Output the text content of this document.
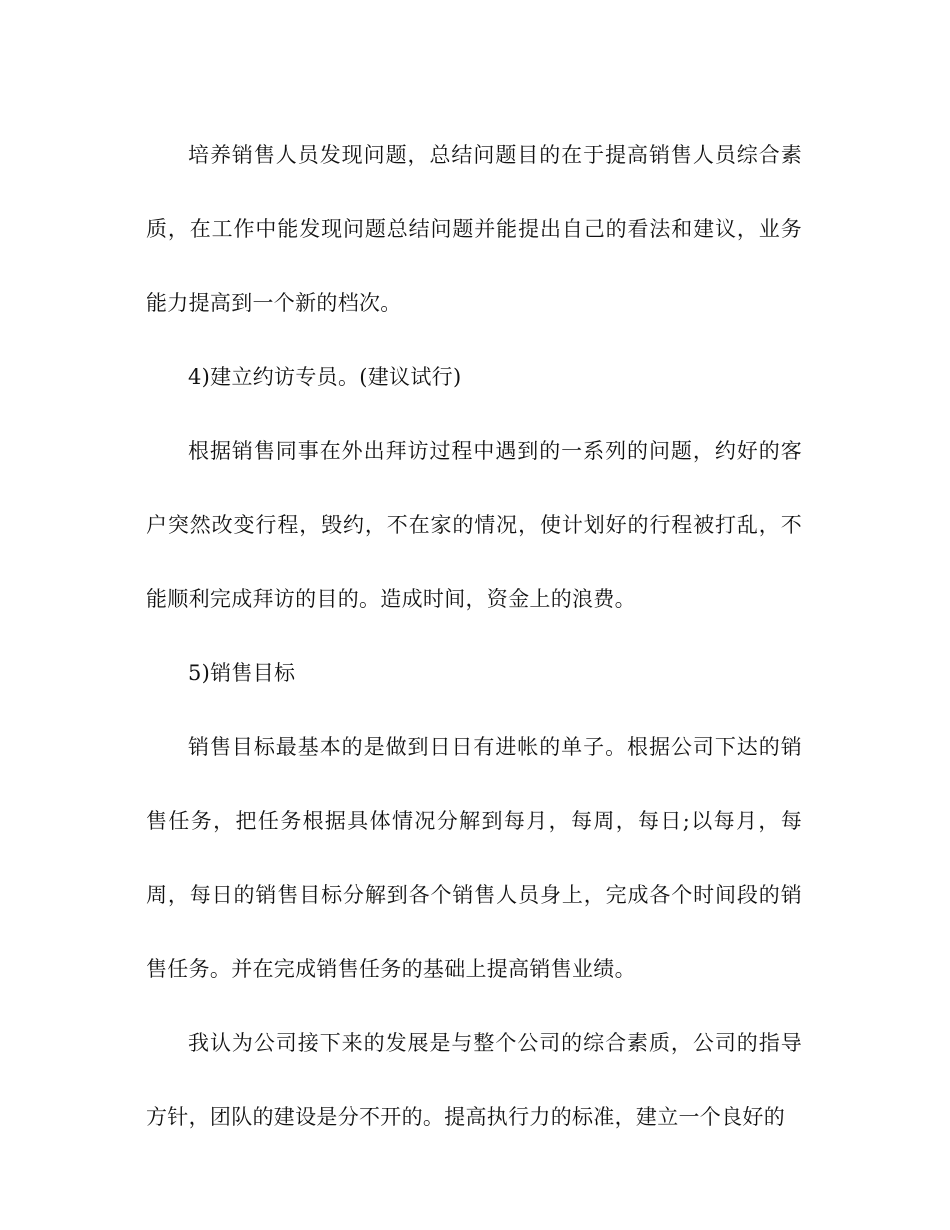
培养销售人员发现问题，总结问题目的在于提高销售人员综合素质，在工作中能发现问题总结问题并能提出自己的看法和建议，业务能力提高到一个新的档次。

4)建立约访专员。(建议试行)

根据销售同事在外出拜访过程中遇到的一系列的问题，约好的客户突然改变行程，毁约，不在家的情况，使计划好的行程被打乱，不能顺利完成拜访的目的。造成时间，资金上的浪费。

5)销售目标

销售目标最基本的是做到日日有进帐的单子。根据公司下达的销售任务，把任务根据具体情况分解到每月，每周，每日;以每月，每周，每日的销售目标分解到各个销售人员身上，完成各个时间段的销售任务。并在完成销售任务的基础上提高销售业绩。

我认为公司接下来的发展是与整个公司的综合素质，公司的指导方针，团队的建设是分不开的。提高执行力的标准，建立一个良好的
